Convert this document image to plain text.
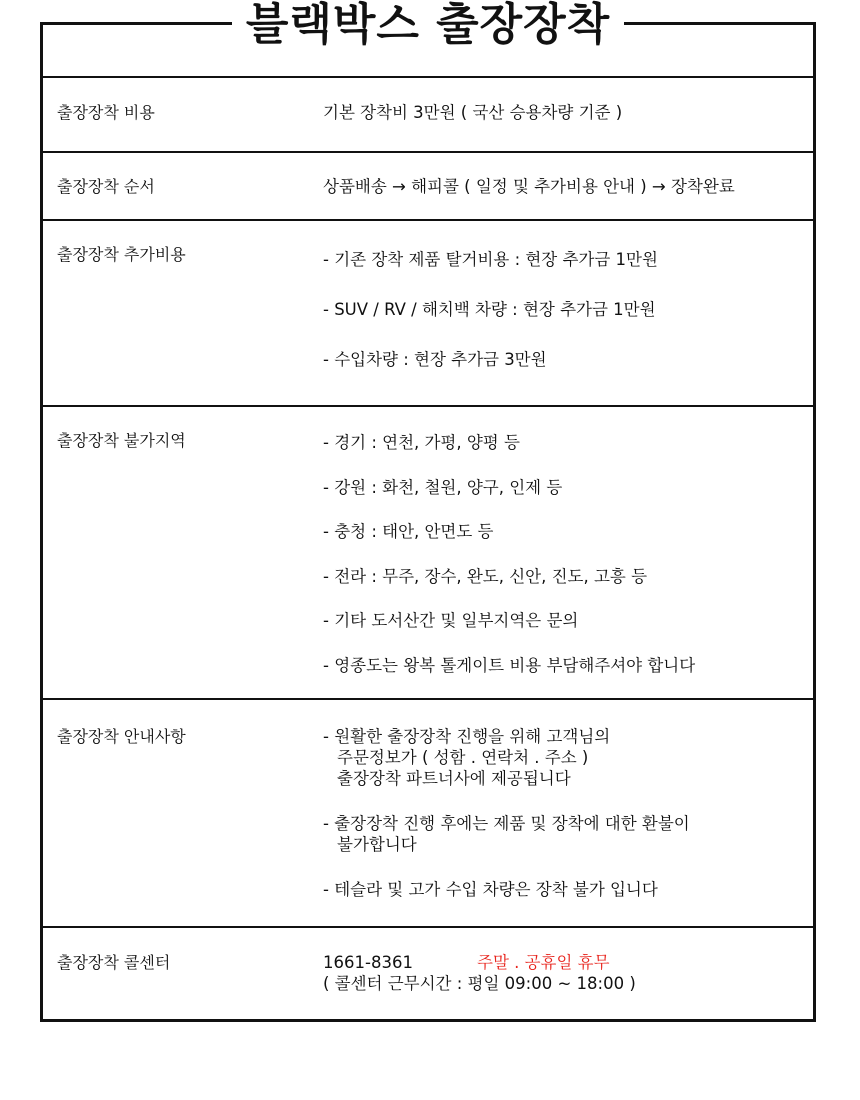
블랙박스 출장장착
출장장착 비용	기본 장착비 3만원 ( 국산 승용차량 기준 )
출장장착 순서	상품배송 → 해피콜 ( 일정 및 추가비용 안내 ) → 장착완료
출장장착 추가비용	- 기존 장착 제품 탈거비용 : 현장 추가금 1만원
- SUV / RV / 해치백 차량 : 현장 추가금 1만원
- 수입차량 : 현장 추가금 3만원
출장장착 불가지역	- 경기 : 연천, 가평, 양평 등
- 강원 : 화천, 철원, 양구, 인제 등
- 충청 : 태안, 안면도 등
- 전라 : 무주, 장수, 완도, 신안, 진도, 고흥 등
- 기타 도서산간 및 일부지역은 문의
- 영종도는 왕복 톨게이트 비용 부담해주셔야 합니다
출장장착 안내사항	- 원활한 출장장착 진행을 위해 고객님의
주문정보가 ( 성함 . 연락처 . 주소 )
출장장착 파트너사에 제공됩니다
- 출장장착 진행 후에는 제품 및 장착에 대한 환불이
불가합니다
- 테슬라 및 고가 수입 차량은 장착 불가 입니다
출장장착 콜센터	1661-8361	주말 . 공휴일 휴무
( 콜센터 근무시간 : 평일 09:00 ~ 18:00 )
